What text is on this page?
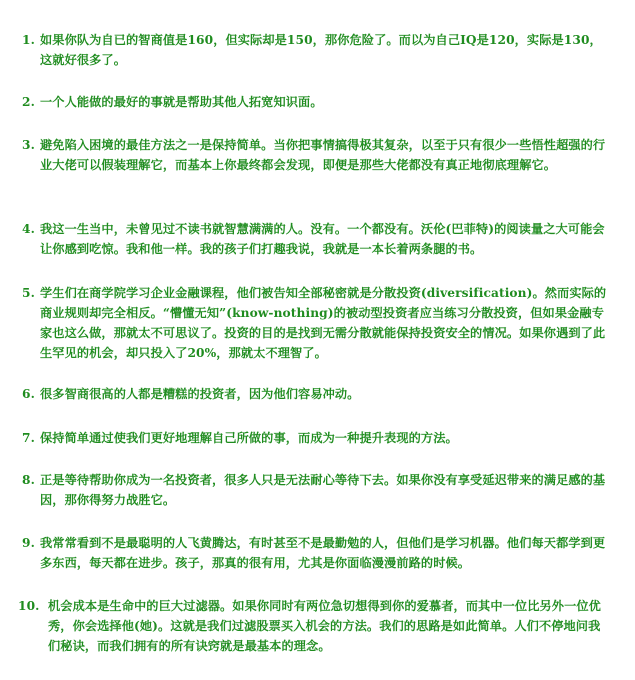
1. 如果你队为自已的智商值是160，但实际却是150，那你危险了。而以为自己IQ是120，实际是130，这就好很多了。
2. 一个人能做的最好的事就是帮助其他人拓宽知识面。
3. 避免陷入困境的最佳方法之一是保持简单。当你把事情搞得极其复杂，以至于只有很少一些悟性超强的行业大佬可以假装理解它，而基本上你最终都会发现，即便是那些大佬都没有真正地彻底理解它。
4. 我这一生当中，未曾见过不读书就智慧满满的人。没有。一个都没有。沃伦(巴菲特)的阅读量之大可能会让你感到吃惊。我和他一样。我的孩子们打趣我说，我就是一本长着两条腿的书。
5. 学生们在商学院学习企业金融课程，他们被告知全部秘密就是分散投资(diversification)。然而实际的商业规则却完全相反。“懵懂无知”(know-nothing)的被动型投资者应当练习分散投资，但如果金融专家也这么做，那就太不可思议了。投资的目的是找到无需分散就能保持投资安全的情况。如果你遇到了此生罕见的机会，却只投入了20%，那就太不理智了。
6. 很多智商很高的人都是糟糕的投资者，因为他们容易冲动。
7. 保持简单通过使我们更好地理解自己所做的事，而成为一种提升表现的方法。
8. 正是等待帮助你成为一名投资者，很多人只是无法耐心等待下去。如果你没有享受延迟带来的满足感的基因，那你得努力战胜它。
9. 我常常看到不是最聪明的人飞黄腾达，有时甚至不是最勤勉的人，但他们是学习机器。他们每天都学到更多东西，每天都在进步。孩子，那真的很有用，尤其是你面临漫漫前路的时候。
10. 机会成本是生命中的巨大过滤器。如果你同时有两位急切想得到你的爱慕者，而其中一位比另外一位优秀，你会选择他(她)。这就是我们过滤股票买入机会的方法。我们的思路是如此简单。人们不停地问我们秘诀，而我们拥有的所有诀窍就是最基本的理念。
